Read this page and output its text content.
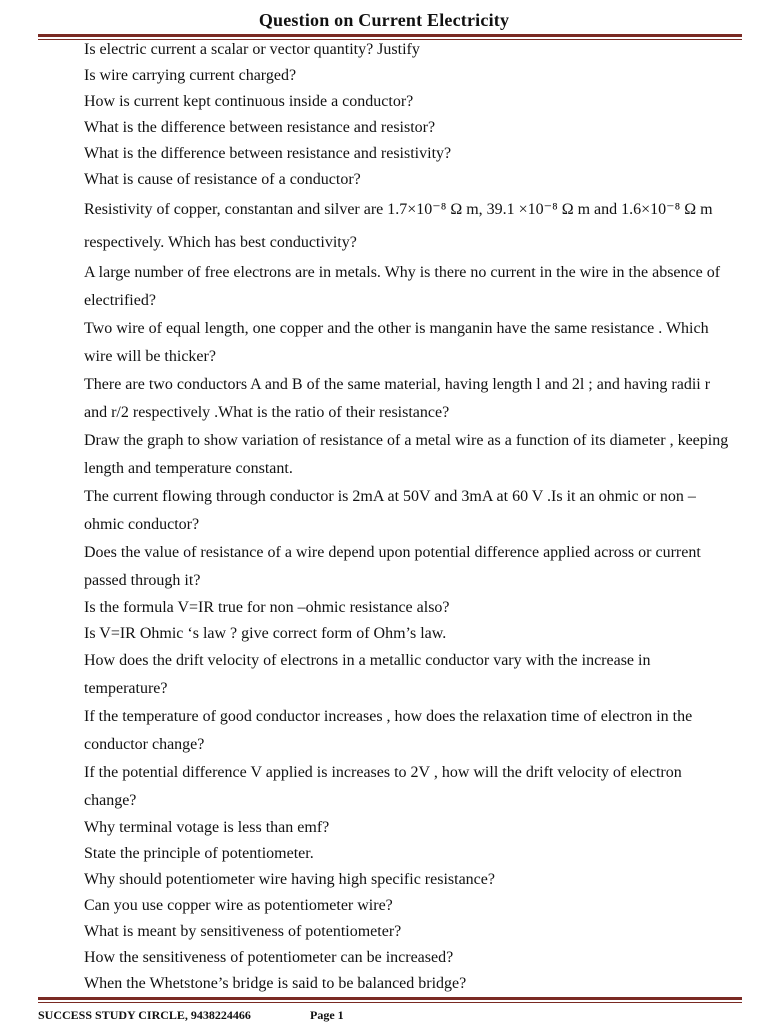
Question on Current Electricity

Is electric current a scalar or vector quantity? Justify

Is wire carrying current charged?

How is current kept continuous inside a conductor?

What is the difference between resistance and resistor?

What is the difference between resistance and resistivity?

What is cause of resistance of a conductor?

Resistivity of copper, constantan and silver are 1.7×10⁻⁸ Ω m, 39.1 ×10⁻⁸ Ω m and 1.6×10⁻⁸ Ω m respectively. Which has best conductivity?

A large number of free electrons are in metals. Why is there no current in the wire in the absence of electrified?

Two wire of equal length, one copper and the other is manganin have the same resistance . Which wire will be thicker?

There are two conductors A and B of the same material, having length l and 2l ; and having radii r and r/2 respectively .What is the ratio of their resistance?

Draw the graph to show variation of resistance of a metal wire as a function of its diameter , keeping length and temperature constant.

The current flowing through conductor is 2mA at 50V and 3mA at 60 V .Is it an ohmic or non –ohmic conductor?

Does the value of resistance of a wire depend upon potential difference applied across or current passed through it?

Is the formula V=IR true for non –ohmic resistance also?

Is V=IR Ohmic ‘s law ? give correct form of Ohm’s law.

How does the drift velocity of electrons in a metallic conductor vary with the increase in temperature?

If the temperature of good conductor increases , how does the relaxation time of electron in the conductor change?

If the potential difference V applied is increases to 2V , how will the drift velocity of electron change?

Why terminal votage is less than emf?

State the principle of potentiometer.

Why should potentiometer wire having high specific resistance?

Can you use copper wire as potentiometer wire?

What is meant by sensitiveness of potentiometer?

How the sensitiveness of potentiometer can be increased?

When the Whetstone’s bridge is said to be balanced bridge?

SUCCESS STUDY CIRCLE, 9438224466	Page 1
